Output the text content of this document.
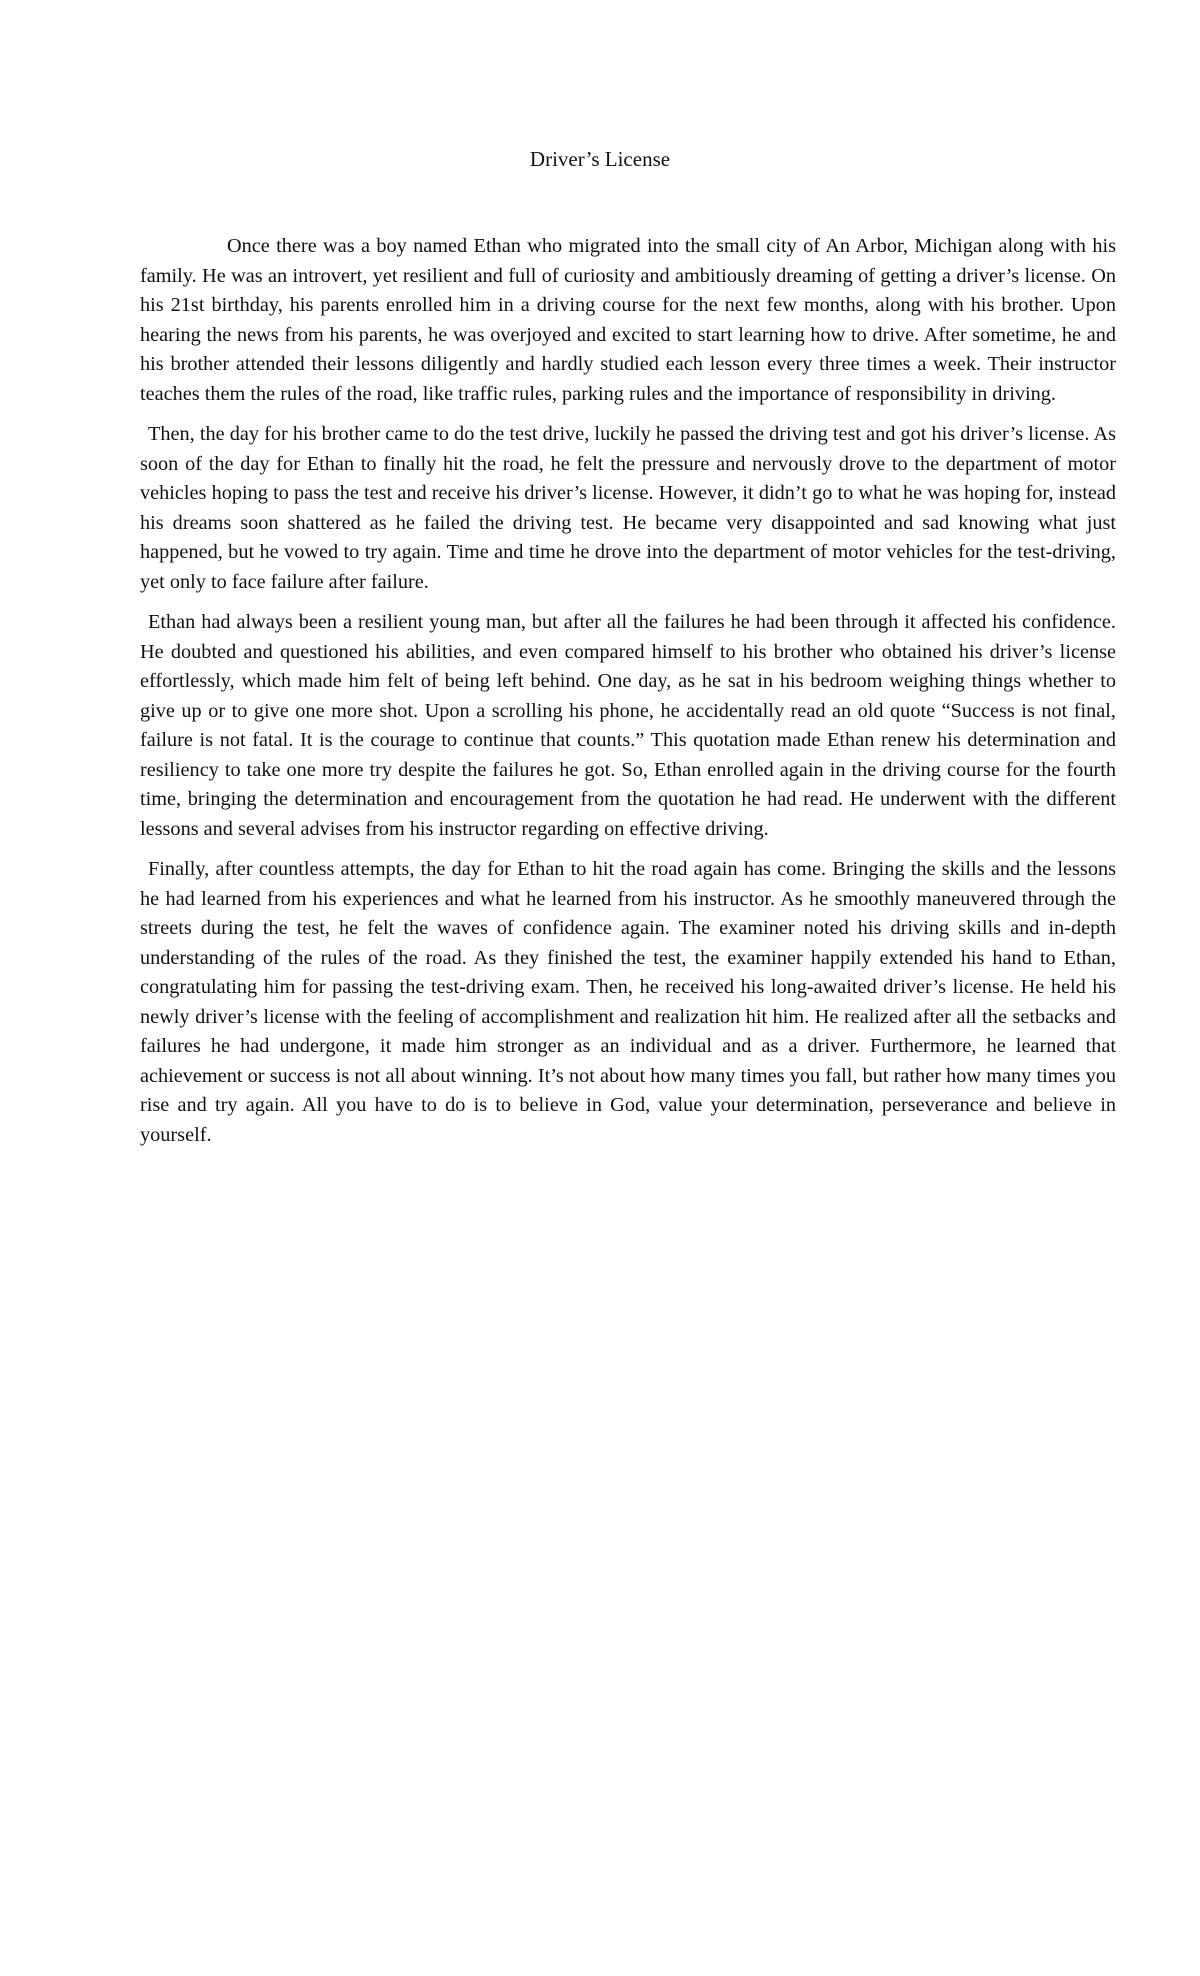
Driver’s License

Once there was a boy named Ethan who migrated into the small city of An Arbor, Michigan along with his family. He was an introvert, yet resilient and full of curiosity and ambitiously dreaming of getting a driver’s license. On his 21st birthday, his parents enrolled him in a driving course for the next few months, along with his brother. Upon hearing the news from his parents, he was overjoyed and excited to start learning how to drive. After sometime, he and his brother attended their lessons diligently and hardly studied each lesson every three times a week. Their instructor teaches them the rules of the road, like traffic rules, parking rules and the importance of responsibility in driving.

Then, the day for his brother came to do the test drive, luckily he passed the driving test and got his driver’s license. As soon of the day for Ethan to finally hit the road, he felt the pressure and nervously drove to the department of motor vehicles hoping to pass the test and receive his driver’s license. However, it didn’t go to what he was hoping for, instead his dreams soon shattered as he failed the driving test. He became very disappointed and sad knowing what just happened, but he vowed to try again. Time and time he drove into the department of motor vehicles for the test-driving, yet only to face failure after failure.

Ethan had always been a resilient young man, but after all the failures he had been through it affected his confidence. He doubted and questioned his abilities, and even compared himself to his brother who obtained his driver’s license effortlessly, which made him felt of being left behind. One day, as he sat in his bedroom weighing things whether to give up or to give one more shot. Upon a scrolling his phone, he accidentally read an old quote “Success is not final, failure is not fatal. It is the courage to continue that counts.” This quotation made Ethan renew his determination and resiliency to take one more try despite the failures he got. So, Ethan enrolled again in the driving course for the fourth time, bringing the determination and encouragement from the quotation he had read. He underwent with the different lessons and several advises from his instructor regarding on effective driving.

Finally, after countless attempts, the day for Ethan to hit the road again has come. Bringing the skills and the lessons he had learned from his experiences and what he learned from his instructor. As he smoothly maneuvered through the streets during the test, he felt the waves of confidence again. The examiner noted his driving skills and in-depth understanding of the rules of the road. As they finished the test, the examiner happily extended his hand to Ethan, congratulating him for passing the test-driving exam. Then, he received his long-awaited driver’s license. He held his newly driver’s license with the feeling of accomplishment and realization hit him. He realized after all the setbacks and failures he had undergone, it made him stronger as an individual and as a driver. Furthermore, he learned that achievement or success is not all about winning. It’s not about how many times you fall, but rather how many times you rise and try again. All you have to do is to believe in God, value your determination, perseverance and believe in yourself.
